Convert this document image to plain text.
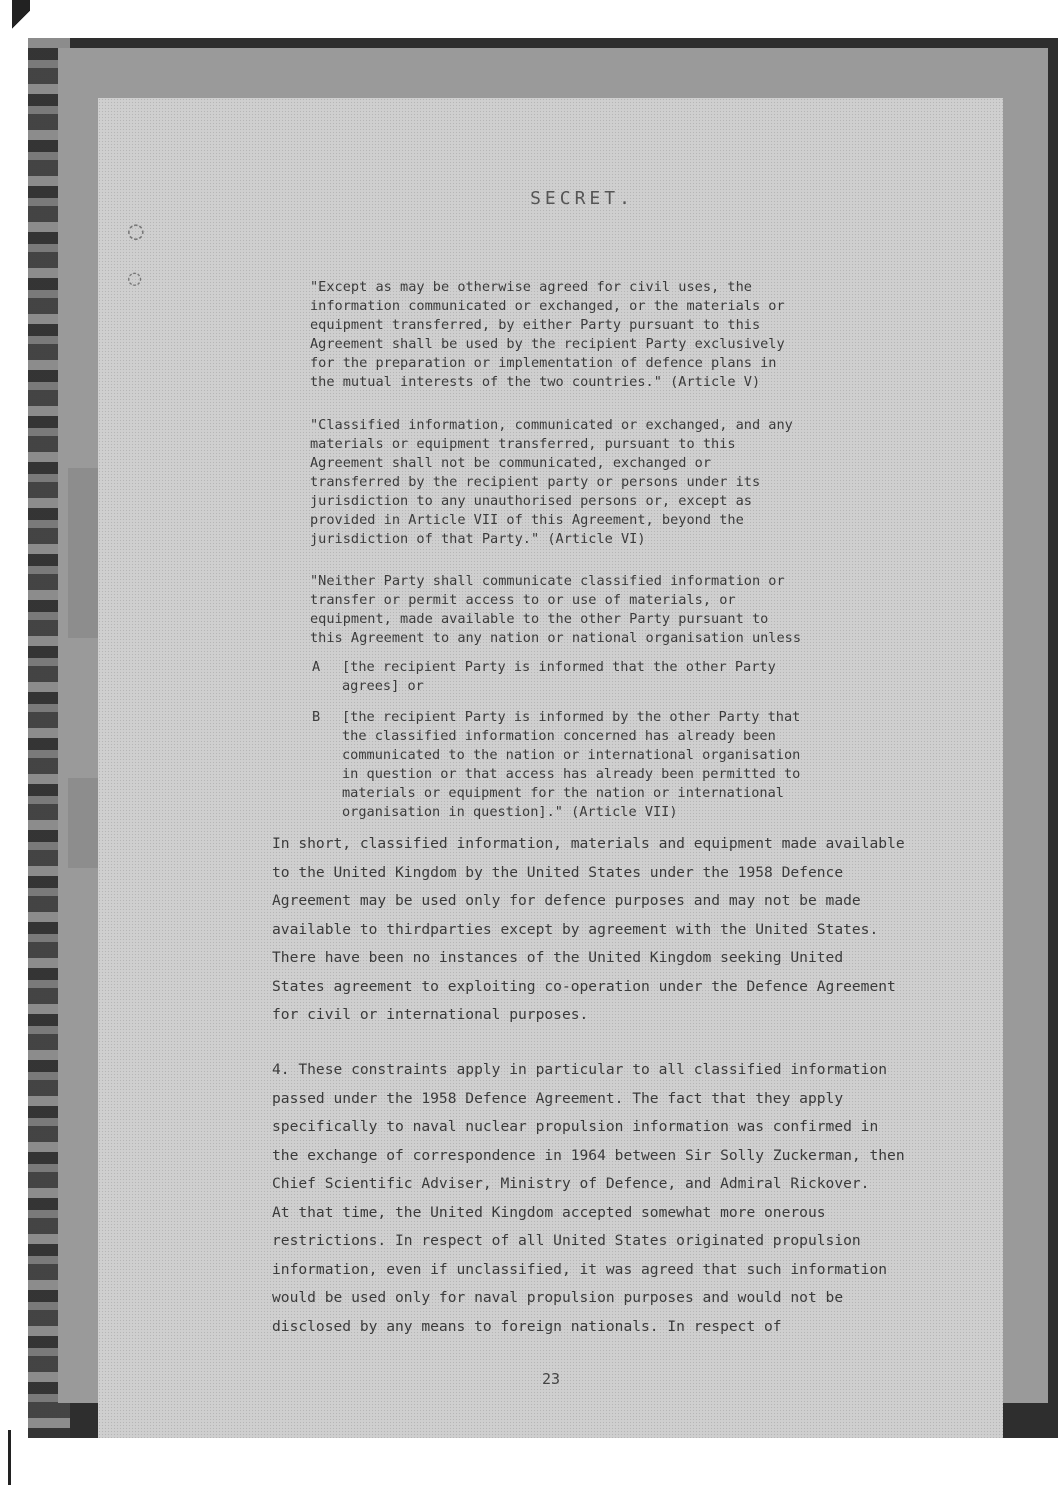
SECRET.
◌
◌	"Except as may be otherwise agreed for civil uses, the
information communicated or exchanged, or the materials or
equipment transferred, by either Party pursuant to this
Agreement shall be used by the recipient Party exclusively
for the preparation or implementation of defence plans in
the mutual interests of the two countries." (Article V)
"Classified information, communicated or exchanged, and any
materials or equipment transferred, pursuant to this
Agreement shall not be communicated, exchanged or
transferred by the recipient party or persons under its
jurisdiction to any unauthorised persons or, except as
provided in Article VII of this Agreement, beyond the
jurisdiction of that Party." (Article VI)
"Neither Party shall communicate classified information or
transfer or permit access to or use of materials, or
equipment, made available to the other Party pursuant to
this Agreement to any nation or national organisation unless
A	[the recipient Party is informed that the other Party
agrees] or
B	[the recipient Party is informed by the other Party that
the classified information concerned has already been
communicated to the nation or international organisation
in question or that access has already been permitted to
materials or equipment for the nation or international
organisation in question]." (Article VII)
In short, classified information, materials and equipment made available
to the United Kingdom by the United States under the 1958 Defence
Agreement may be used only for defence purposes and may not be made
available to thirdparties except by agreement with the United States.
There have been no instances of the United Kingdom seeking United
States agreement to exploiting co-operation under the Defence Agreement
for civil or international purposes.
4. These constraints apply in particular to all classified information
passed under the 1958 Defence Agreement. The fact that they apply
specifically to naval nuclear propulsion information was confirmed in
the exchange of correspondence in 1964 between Sir Solly Zuckerman, then
Chief Scientific Adviser, Ministry of Defence, and Admiral Rickover.
At that time, the United Kingdom accepted somewhat more onerous
restrictions. In respect of all United States originated propulsion
information, even if unclassified, it was agreed that such information
would be used only for naval propulsion purposes and would not be
disclosed by any means to foreign nationals. In respect of
23
